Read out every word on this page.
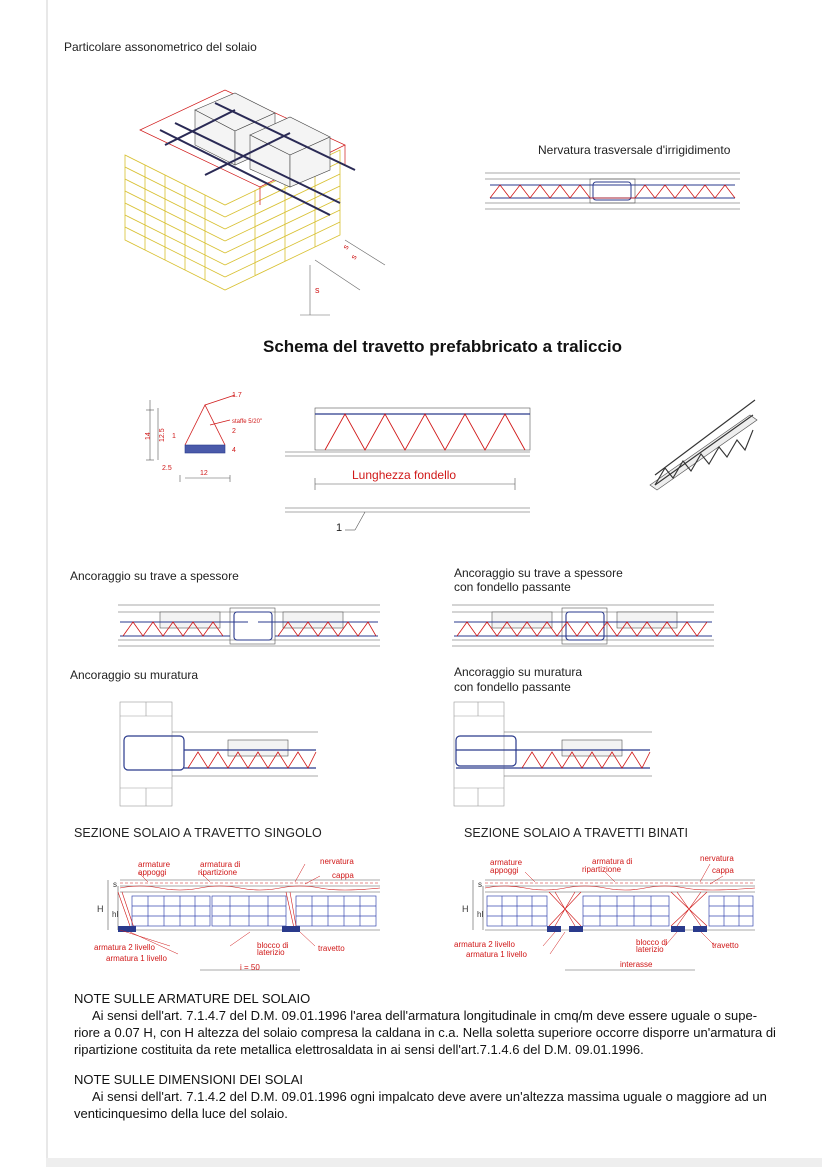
Particolare assonometrico del solaio
s
s
s
Nervatura trasversale d'irrigidimento
Schema del travetto prefabbricato a traliccio
1.7
staffe 5/20"
2
1
4
14 12.5
2.5
12	Lunghezza fondello
1
Ancoraggio su trave a spessore	Ancoraggio su trave a spessore
con fondello passante
Ancoraggio su muratura	Ancoraggio su muratura
con fondello passante
SEZIONE SOLAIO A TRAVETTO SINGOLO	SEZIONE SOLAIO A TRAVETTI BINATI
armature
appoggi
armatura di
ripartizione
nervatura
cappa
s
H
hl
armatura 2 livello
armatura 1 livello
blocco di
laterizio	travetto
i = 50
armature
appoggi
armatura di
ripartizione
nervatura
cappa
s
H
hl
armatura 2 livello
armatura 1 livello
blocco di
laterizio	travetto
interasse
NOTE SULLE ARMATURE DEL SOLAIO
Ai sensi dell'art. 7.1.4.7 del D.M. 09.01.1996 l'area dell'armatura longitudinale in cmq/m deve essere uguale o supe-
riore a 0.07 H, con H altezza del solaio compresa la caldana in c.a. Nella soletta superiore occorre disporre un'armatura di
ripartizione costituita da rete metallica elettrosaldata in ai sensi dell'art.7.1.4.6 del D.M. 09.01.1996.
NOTE SULLE DIMENSIONI DEI SOLAI
Ai sensi dell'art. 7.1.4.2 del D.M. 09.01.1996 ogni impalcato deve avere un'altezza massima uguale o maggiore ad un
venticinquesimo della luce del solaio.
